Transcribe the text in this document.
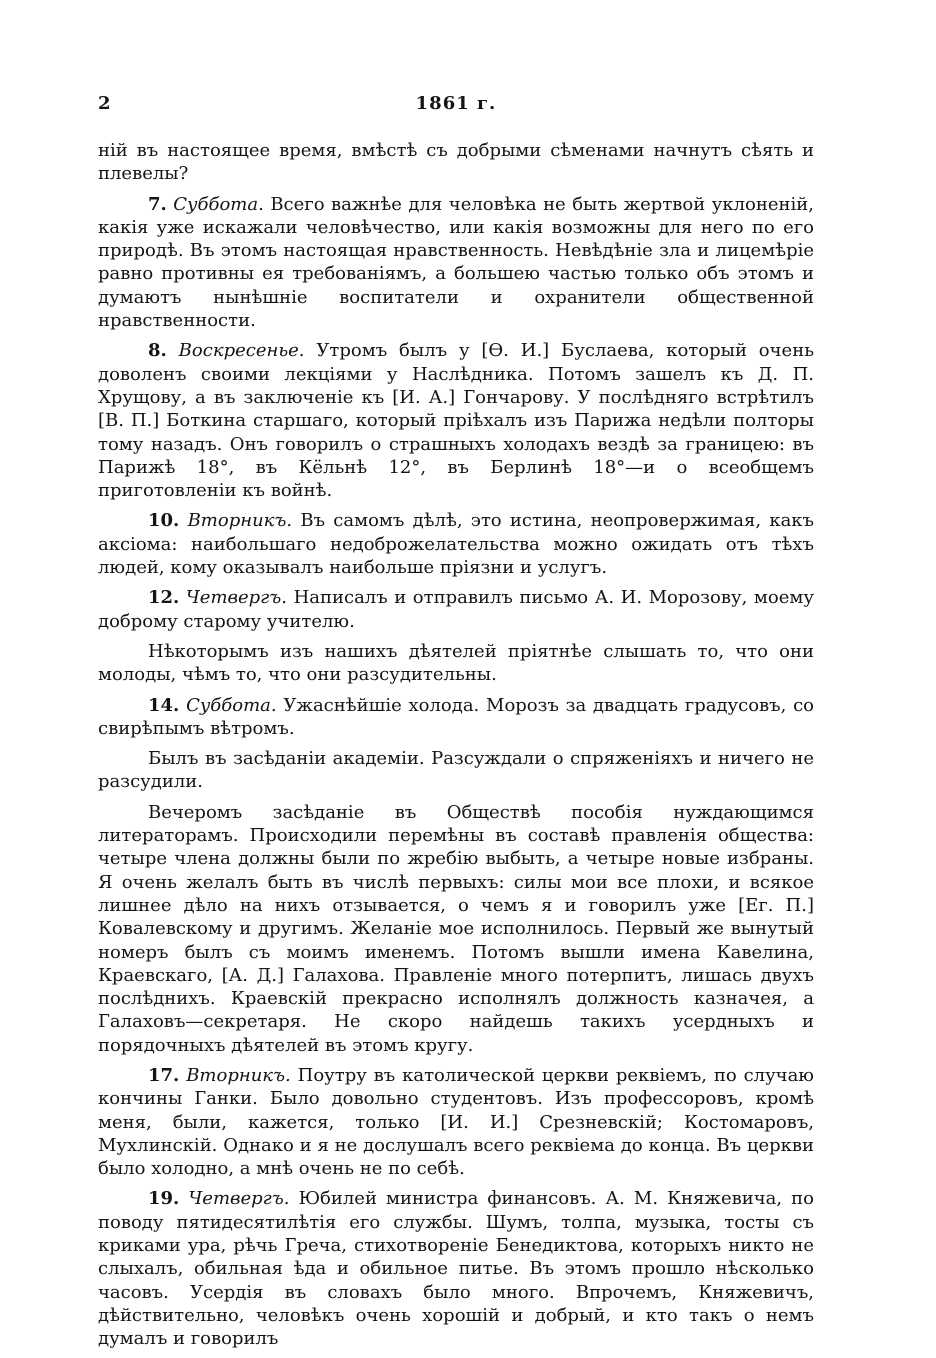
2	1861 г.

нiй въ настоящее время, вмѣстѣ съ добрыми сѣменами начнутъ сѣять и плевелы?

7. Суббота. Всего важнѣе для человѣка не быть жертвой уклоненiй, какiя уже искажали человѣчество, или какiя возможны для него по его природѣ. Въ этомъ настоящая нравственность. Невѣдѣнiе зла и лицемѣрiе равно противны ея требованiямъ, а большею частью только объ этомъ и думаютъ нынѣшнiе воспитатели и охранители общественной нравственности.

8. Воскресенье. Утромъ былъ у [Ѳ. И.] Буслаева, который очень доволенъ своими лекцiями у Наслѣдника. Потомъ зашелъ къ Д. П. Хрущову, а въ заключенiе къ [И. А.] Гончарову. У послѣдняго встрѣтилъ [В. П.] Боткина старшаго, который прiѣхалъ изъ Парижа недѣли полторы тому назадъ. Онъ говорилъ о страшныхъ холодахъ вездѣ за границею: въ Парижѣ 18°, въ Кёльнѣ 12°, въ Берлинѣ 18°—и о всеобщемъ приготовленiи къ войнѣ.

10. Вторникъ. Въ самомъ дѣлѣ, это истина, неопровержимая, какъ аксiома: наибольшаго недоброжелательства можно ожидать отъ тѣхъ людей, кому оказывалъ наибольше прiязни и услугъ.

12. Четвергъ. Написалъ и отправилъ письмо А. И. Морозову, моему доброму старому учителю.

Нѣкоторымъ изъ нашихъ дѣятелей прiятнѣе слышать то, что они молоды, чѣмъ то, что они разсудительны.

14. Суббота. Ужаснѣйшiе холода. Морозъ за двадцать градусовъ, со свирѣпымъ вѣтромъ.

Былъ въ засѣданiи академiи. Разсуждали о спряженiяхъ и ничего не разсудили.

Вечеромъ засѣданiе въ Обществѣ пособiя нуждающимся литераторамъ. Происходили перемѣны въ составѣ правленiя общества: четыре члена должны были по жребiю выбыть, а четыре новые избраны. Я очень желалъ быть въ числѣ первыхъ: силы мои все плохи, и всякое лишнее дѣло на нихъ отзывается, о чемъ я и говорилъ уже [Ег. П.] Ковалевскому и другимъ. Желанiе мое исполнилось. Первый же вынутый номеръ былъ съ моимъ именемъ. Потомъ вышли имена Кавелина, Краевскаго, [А. Д.] Галахова. Правленiе много потерпитъ, лишась двухъ послѣднихъ. Краевскiй прекрасно исполнялъ должность казначея, а Галаховъ—секретаря. Не скоро найдешь такихъ усердныхъ и порядочныхъ дѣятелей въ этомъ кругу.

17. Вторникъ. Поутру въ католической церкви реквiемъ, по случаю кончины Ганки. Было довольно студентовъ. Изъ профессоровъ, кромѣ меня, были, кажется, только [И. И.] Срезневскiй; Костомаровъ, Мухлинскiй. Однако и я не дослушалъ всего реквiема до конца. Въ церкви было холодно, а мнѣ очень не по себѣ.

19. Четвергъ. Юбилей министра финансовъ. А. М. Княжевича, по поводу пятидесятилѣтiя его службы. Шумъ, толпа, музыка, тосты съ криками ура, рѣчь Греча, стихотворенiе Бенедиктова, которыхъ никто не слыхалъ, обильная ѣда и обильное питье. Въ этомъ прошло нѣсколько часовъ. Усердiя въ словахъ было много. Впрочемъ, Княжевичъ, дѣйствительно, человѣкъ очень хорошiй и добрый, и кто такъ о немъ думалъ и говорилъ
